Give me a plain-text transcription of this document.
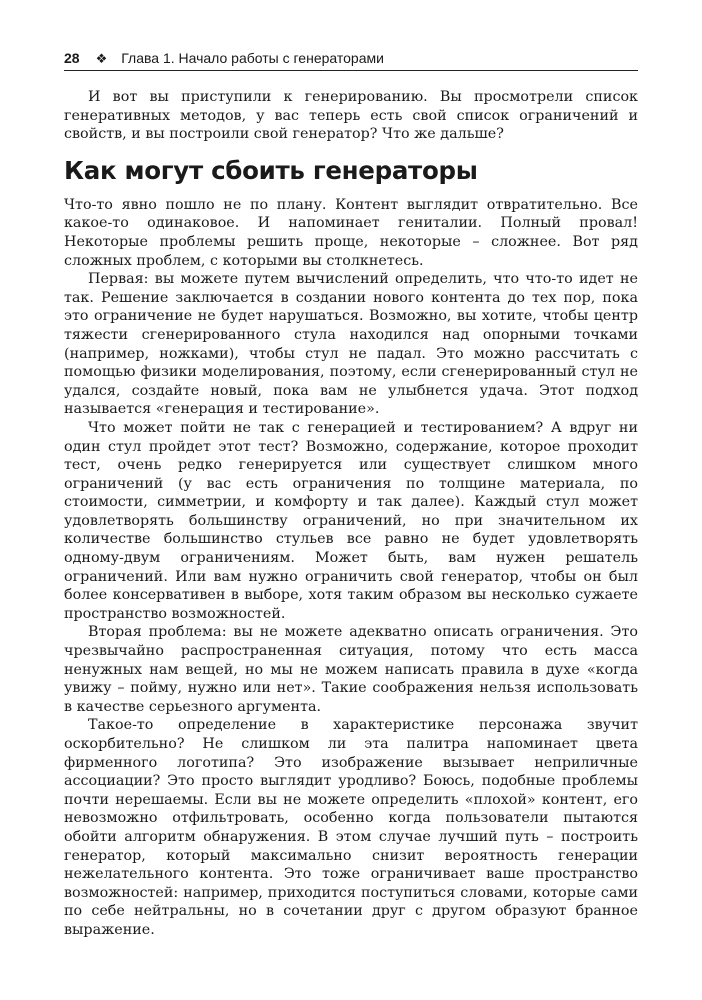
28 ❖ Глава 1. Начало работы с генераторами

И вот вы приступили к генерированию. Вы просмотрели список генеративных методов, у вас теперь есть свой список ограничений и свойств, и вы построили свой генератор? Что же дальше?

Как могут сбоить генераторы

Что-то явно пошло не по плану. Контент выглядит отвратительно. Все какое-то одинаковое. И напоминает гениталии. Полный провал! Некоторые проблемы решить проще, некоторые – сложнее. Вот ряд сложных проблем, с которыми вы столкнетесь.

Первая: вы можете путем вычислений определить, что что-то идет не так. Решение заключается в создании нового контента до тех пор, пока это ограничение не будет нарушаться. Возможно, вы хотите, чтобы центр тяжести сгенерированного стула находился над опорными точками (например, ножками), чтобы стул не падал. Это можно рассчитать с помощью физики моделирования, поэтому, если сгенерированный стул не удался, создайте новый, пока вам не улыбнется удача. Этот подход называется «генерация и тестирование».

Что может пойти не так с генерацией и тестированием? А вдруг ни один стул пройдет этот тест? Возможно, содержание, которое проходит тест, очень редко генерируется или существует слишком много ограничений (у вас есть ограничения по толщине материала, по стоимости, симметрии, и комфорту и так далее). Каждый стул может удовлетворять большинству ограничений, но при значительном их количестве большинство стульев все равно не будет удовлетворять одному-двум ограничениям. Может быть, вам нужен решатель ограничений. Или вам нужно ограничить свой генератор, чтобы он был более консервативен в выборе, хотя таким образом вы несколько сужаете пространство возможностей.

Вторая проблема: вы не можете адекватно описать ограничения. Это чрезвычайно распространенная ситуация, потому что есть масса ненужных нам вещей, но мы не можем написать правила в духе «когда увижу – пойму, нужно или нет». Такие соображения нельзя использовать в качестве серьезного аргумента.

Такое-то определение в характеристике персонажа звучит оскорбительно? Не слишком ли эта палитра напоминает цвета фирменного логотипа? Это изображение вызывает неприличные ассоциации? Это просто выглядит уродливо? Боюсь, подобные проблемы почти нерешаемы. Если вы не можете определить «плохой» контент, его невозможно отфильтровать, особенно когда пользователи пытаются обойти алгоритм обнаружения. В этом случае лучший путь – построить генератор, который максимально снизит вероятность генерации нежелательного контента. Это тоже ограничивает ваше пространство возможностей: например, приходится поступиться словами, которые сами по себе нейтральны, но в сочетании друг с другом образуют бранное выражение.
